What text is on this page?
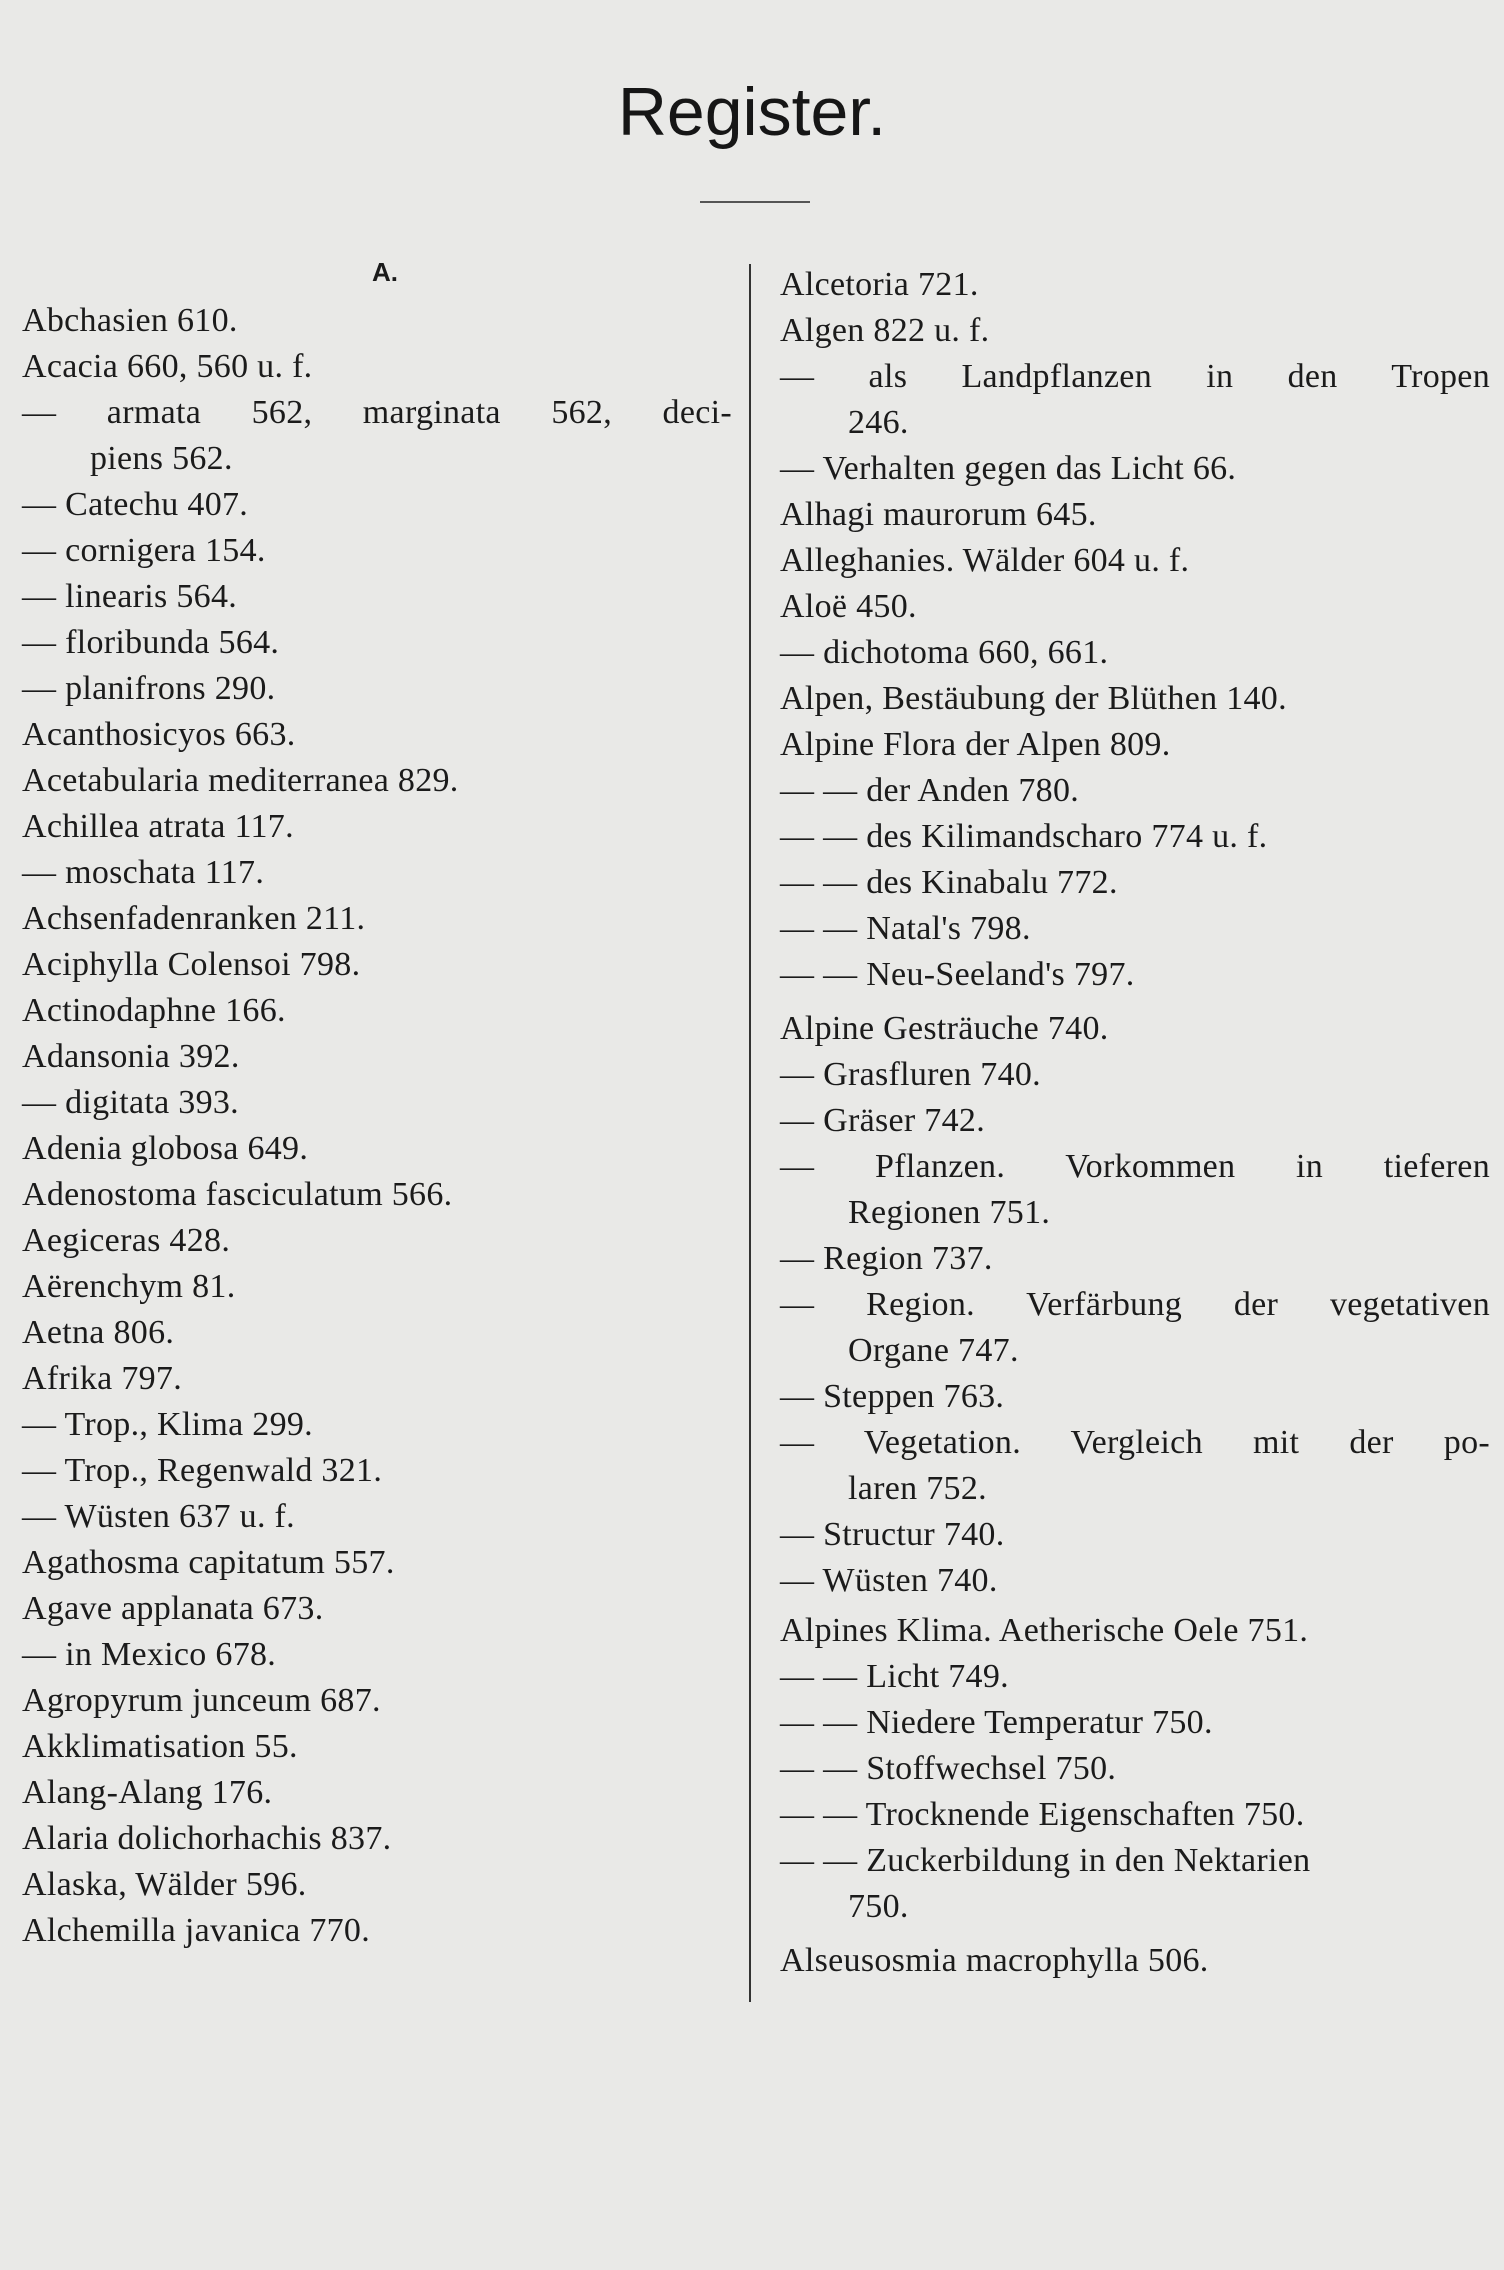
Register.
A.
Abchasien 610.
Acacia 660, 560 u. f.
— armata 562, marginata 562, deci-
piens 562.
— Catechu 407.
— cornigera 154.
— linearis 564.
— floribunda 564.
— planifrons 290.
Acanthosicyos 663.
Acetabularia mediterranea 829.
Achillea atrata 117.
— moschata 117.
Achsenfadenranken 211.
Aciphylla Colensoi 798.
Actinodaphne 166.
Adansonia 392.
— digitata 393.
Adenia globosa 649.
Adenostoma fasciculatum 566.
Aegiceras 428.
Aërenchym 81.
Aetna 806.
Afrika 797.
— Trop., Klima 299.
— Trop., Regenwald 321.
— Wüsten 637 u. f.
Agathosma capitatum 557.
Agave applanata 673.
— in Mexico 678.
Agropyrum junceum 687.
Akklimatisation 55.
Alang-Alang 176.
Alaria dolichorhachis 837.
Alaska, Wälder 596.
Alchemilla javanica 770.
Alcetoria 721.
Algen 822 u. f.
— als Landpflanzen in den Tropen
246.
— Verhalten gegen das Licht 66.
Alhagi maurorum 645.
Alleghanies. Wälder 604 u. f.
Aloë 450.
— dichotoma 660, 661.
Alpen, Bestäubung der Blüthen 140.
Alpine Flora der Alpen 809.
— — der Anden 780.
— — des Kilimandscharo 774 u. f.
— — des Kinabalu 772.
— — Natal's 798.
— — Neu-Seeland's 797.
Alpine Gesträuche 740.
— Grasfluren 740.
— Gräser 742.
— Pflanzen. Vorkommen in tieferen
Regionen 751.
— Region 737.
— Region. Verfärbung der vegetativen
Organe 747.
— Steppen 763.
— Vegetation. Vergleich mit der po-
laren 752.
— Structur 740.
— Wüsten 740.
Alpines Klima. Aetherische Oele 751.
— — Licht 749.
— — Niedere Temperatur 750.
— — Stoffwechsel 750.
— — Trocknende Eigenschaften 750.
— — Zuckerbildung in den Nektarien
750.
Alseusosmia macrophylla 506.
